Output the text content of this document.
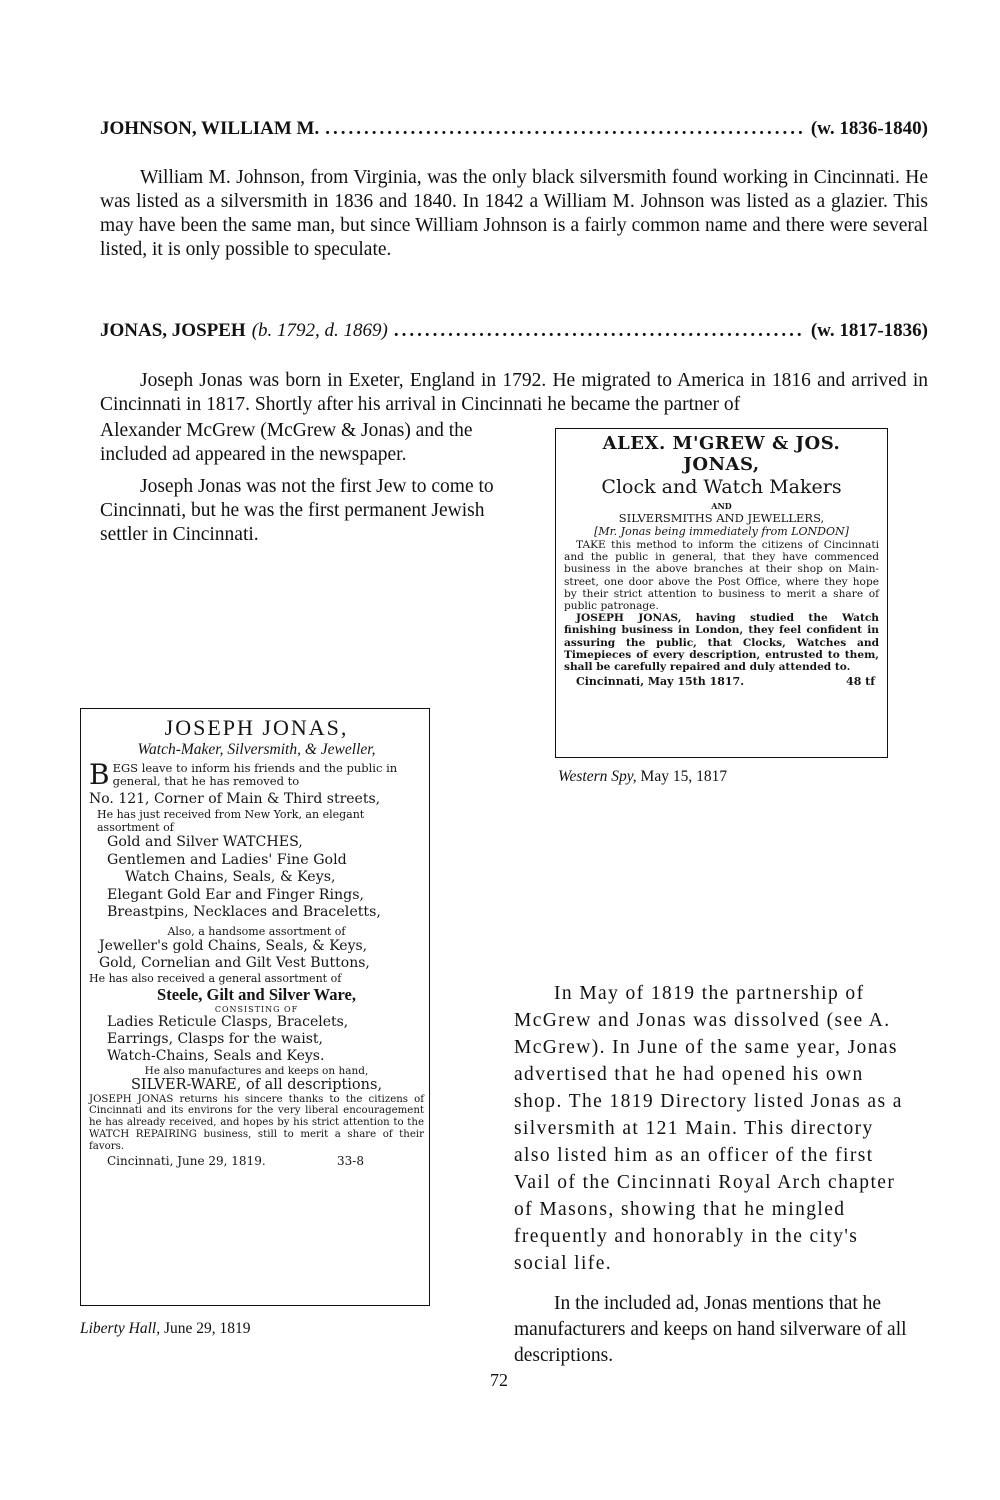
JOHNSON, WILLIAM M. .....	(w. 1836-1840)

William M. Johnson, from Virginia, was the only black silversmith found working in Cincinnati. He was listed as a silversmith in 1836 and 1840. In 1842 a William M. Johnson was listed as a glazier. This may have been the same man, but since William Johnson is a fairly common name and there were several listed, it is only possible to speculate.

JONAS, JOSPEH (b. 1792, d. 1869) .....	(w. 1817-1836)

Joseph Jonas was born in Exeter, England in 1792. He migrated to America in 1816 and arrived in Cincinnati in 1817. Shortly after his arrival in Cincinnati he became the partner of

Alexander McGrew (McGrew & Jonas) and the included ad appeared in the newspaper.

Joseph Jonas was not the first Jew to come to Cincinnati, but he was the first permanent Jewish settler in Cincinnati.

ALEX. M'GREW & JOS. JONAS,
Clock and Watch Makers
AND
SILVERSMITHS AND JEWELLERS,
[Mr. Jonas being immediately from LONDON]
TAKE this method to inform the citizens of Cincinnati and the public in general, that they have commenced business in the above branches at their shop on Main-street, one door above the Post Office, where they hope by their strict attention to business to merit a share of public patronage.
JOSEPH JONAS, having studied the Watch finishing business in London, they feel confident in assuring the public, that Clocks, Watches and Timepieces of every description, entrusted to them, shall be carefully repaired and duly attended to.
Cincinnati, May 15th 1817.	48 tf
Western Spy, May 15, 1817
JOSEPH JONAS,
Watch-Maker, Silversmith, & Jeweller,
B EGS leave to inform his friends and the public in general, that he has removed to
No. 121, Corner of Main & Third streets,
He has just received from New York, an elegant assortment of
Gold and Silver WATCHES,
Gentlemen and Ladies' Fine Gold
Watch Chains, Seals, & Keys,
Elegant Gold Ear and Finger Rings,
Breastpins, Necklaces and Braceletts,
Also, a handsome assortment of
Jeweller's gold Chains, Seals, & Keys,
Gold, Cornelian and Gilt Vest Buttons,
He has also received a general assortment of
Steele, Gilt and Silver Ware,
CONSISTING OF
Ladies Reticule Clasps, Bracelets,
Earrings, Clasps for the waist,
Watch-Chains, Seals and Keys.
He also manufactures and keeps on hand,
SILVER-WARE, of all descriptions,
JOSEPH JONAS returns his sincere thanks to the citizens of Cincinnati and its environs for the very liberal encouragement he has already received, and hopes by his strict attention to the WATCH REPAIRING business, still to merit a share of their favors.
Cincinnati, June 29, 1819.	33-8
Liberty Hall, June 29, 1819

In May of 1819 the partnership of McGrew and Jonas was dissolved (see A. McGrew). In June of the same year, Jonas advertised that he had opened his own shop. The 1819 Directory listed Jonas as a silversmith at 121 Main. This directory also listed him as an officer of the first Vail of the Cincinnati Royal Arch chapter of Masons, showing that he mingled frequently and honorably in the city's social life.

In the included ad, Jonas mentions that he manufacturers and keeps on hand silverware of all descriptions.

72
